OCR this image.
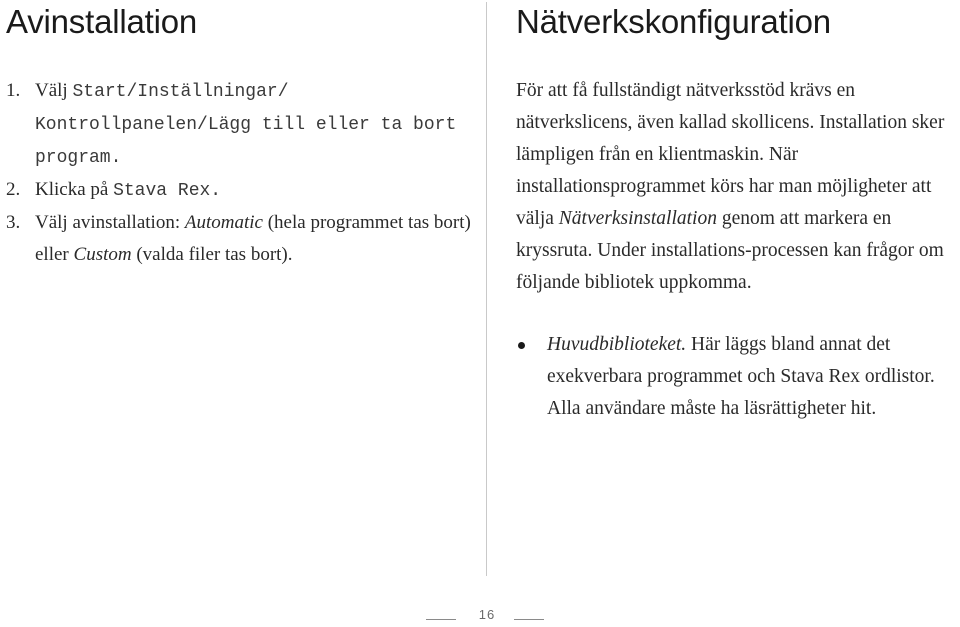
Avinstallation
1. Välj Start/Inställningar/ Kontrollpanelen/Lägg till eller ta bort program.
2. Klicka på Stava Rex.
3. Välj avinstallation: Automatic (hela programmet tas bort) eller Custom (valda filer tas bort).
Nätverkskonfiguration

För att få fullständigt nätverksstöd krävs en nätverkslicens, även kallad skollicens. Installation sker lämpligen från en klientmaskin. När installationsprogrammet körs har man möjligheter att välja Nätverksinstallation genom att markera en kryssruta. Under installations-processen kan frågor om följande bibliotek uppkomma.

Huvudbiblioteket. Här läggs bland annat det exekverbara programmet och Stava Rex ordlistor. Alla användare måste ha läsrättigheter hit.
16
